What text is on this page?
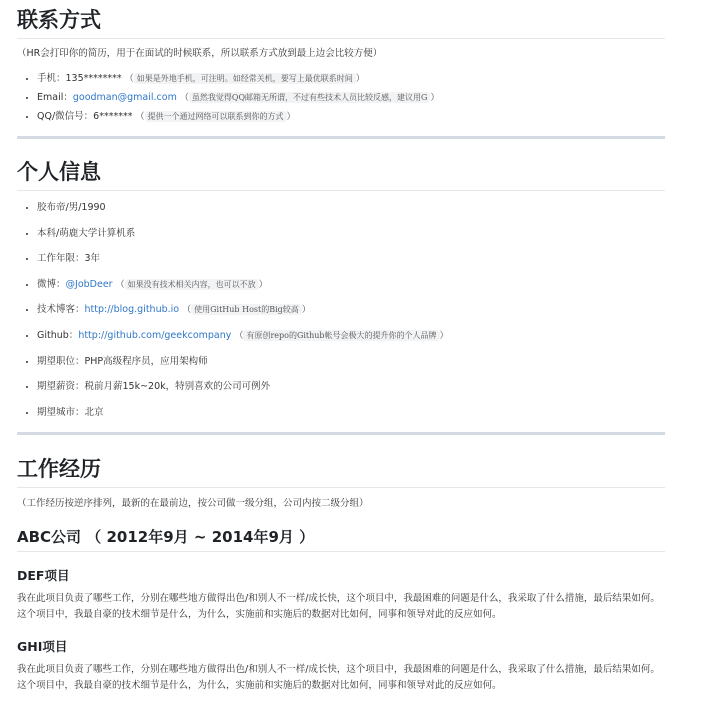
联系方式
（HR会打印你的简历，用于在面试的时候联系，所以联系方式放到最上边会比较方便）
• 手机：135******** （ 如果是外地手机，可注明。如经常关机，要写上最优联系时间 ）
• Email：goodman@gmail.com （ 虽然我觉得QQ邮箱无所谓，不过有些技术人员比较反感，建议用G ）
• QQ/微信号：6******* （ 提供一个通过网络可以联系到你的方式 ）
个人信息
• 胶布帝/男/1990
• 本科/萌鹿大学计算机系
• 工作年限：3年
• 微博：@JobDeer （ 如果没有技术相关内容，也可以不放 ）
• 技术博客：http://blog.github.io （ 使用GitHub Host的Big较高 ）
• Github：http://github.com/geekcompany （ 有原创repo的Github帐号会极大的提升你的个人品牌 ）
• 期望职位：PHP高级程序员，应用架构师
• 期望薪资：税前月薪15k~20k，特别喜欢的公司可例外
• 期望城市：北京
工作经历
（工作经历按逆序排列，最新的在最前边，按公司做一级分组，公司内按二级分组）
ABC公司 （ 2012年9月 ~ 2014年9月 ）
DEF项目

我在此项目负责了哪些工作，分别在哪些地方做得出色/和别人不一样/成长快，这个项目中，我最困难的问题是什么，我采取了什么措施，最后结果如何。这个项目中，我最自豪的技术细节是什么，为什么，实施前和实施后的数据对比如何，同事和领导对此的反应如何。

GHI项目

我在此项目负责了哪些工作，分别在哪些地方做得出色/和别人不一样/成长快，这个项目中，我最困难的问题是什么，我采取了什么措施，最后结果如何。这个项目中，我最自豪的技术细节是什么，为什么，实施前和实施后的数据对比如何，同事和领导对此的反应如何。
